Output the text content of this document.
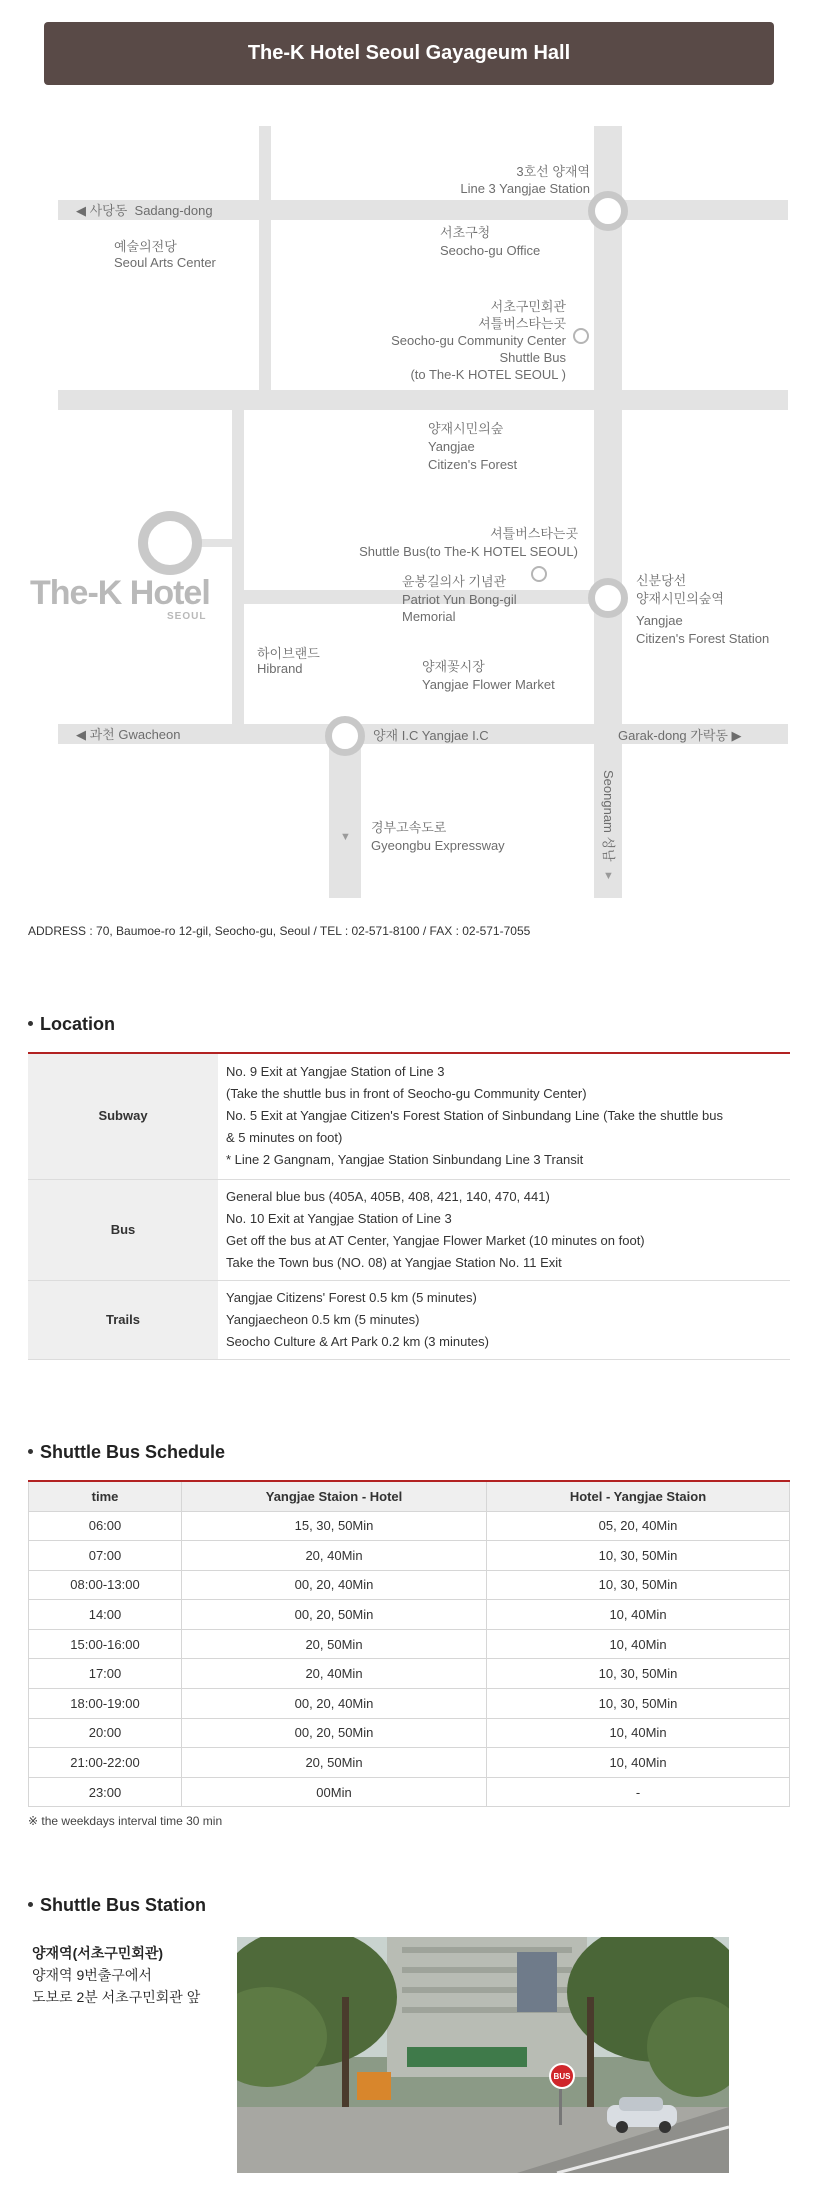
The-K Hotel Seoul Gayageum Hall
The-K Hotel
SEOUL
3호선 양재역
Line 3 Yangjae Station
◀ 사당동 Sadang-dong
예술의전당
Seoul Arts Center
서초구청
Seocho-gu Office
서초구민회관
셔틀버스타는곳
Seocho-gu Community Center
Shuttle Bus
(to The-K HOTEL SEOUL )
양재시민의숲
Yangjae
Citizen's Forest
셔틀버스타는곳
Shuttle Bus(to The-K HOTEL SEOUL)
윤봉길의사 기념관
Patriot Yun Bong-gil
Memorial
신분당선
양재시민의숲역
Yangjae
Citizen's Forest Station
하이브랜드
Hibrand	양재꽃시장
Yangjae Flower Market
◀ 과천 Gwacheon	양재 I.C Yangjae I.C	Garak-dong 가락동 ▶
▼
경부고속도로
Gyeongbu Expressway	Seongnam 성남
▼
ADDRESS : 70, Baumoe-ro 12-gil, Seocho-gu, Seoul / TEL : 02-571-8100 / FAX : 02-571-7055
Location
Subway	No. 9 Exit at Yangjae Station of Line 3
(Take the shuttle bus in front of Seocho-gu Community Center)
No. 5 Exit at Yangjae Citizen's Forest Station of Sinbundang Line (Take the shuttle bus
& 5 minutes on foot)
* Line 2 Gangnam, Yangjae Station Sinbundang Line 3 Transit

Bus	General blue bus (405A, 405B, 408, 421, 140, 470, 441)
No. 10 Exit at Yangjae Station of Line 3
Get off the bus at AT Center, Yangjae Flower Market (10 minutes on foot)
Take the Town bus (NO. 08) at Yangjae Station No. 11 Exit

Trails	Yangjae Citizens' Forest 0.5 km (5 minutes)
Yangjaecheon 0.5 km (5 minutes)
Seocho Culture & Art Park 0.2 km (3 minutes)
Shuttle Bus Schedule
time	Yangjae Staion - Hotel	Hotel - Yangjae Staion
06:00	15, 30, 50Min	05, 20, 40Min
07:00	20, 40Min	10, 30, 50Min
08:00-13:00	00, 20, 40Min	10, 30, 50Min
14:00	00, 20, 50Min	10, 40Min
15:00-16:00	20, 50Min	10, 40Min
17:00	20, 40Min	10, 30, 50Min
18:00-19:00	00, 20, 40Min	10, 30, 50Min
20:00	00, 20, 50Min	10, 40Min
21:00-22:00	20, 50Min	10, 40Min
23:00	00Min	-
※ the weekdays interval time 30 min
Shuttle Bus Station
양재역(서초구민회관)
양재역 9번출구에서
도보로 2분 서초구민회관 앞
BUS
